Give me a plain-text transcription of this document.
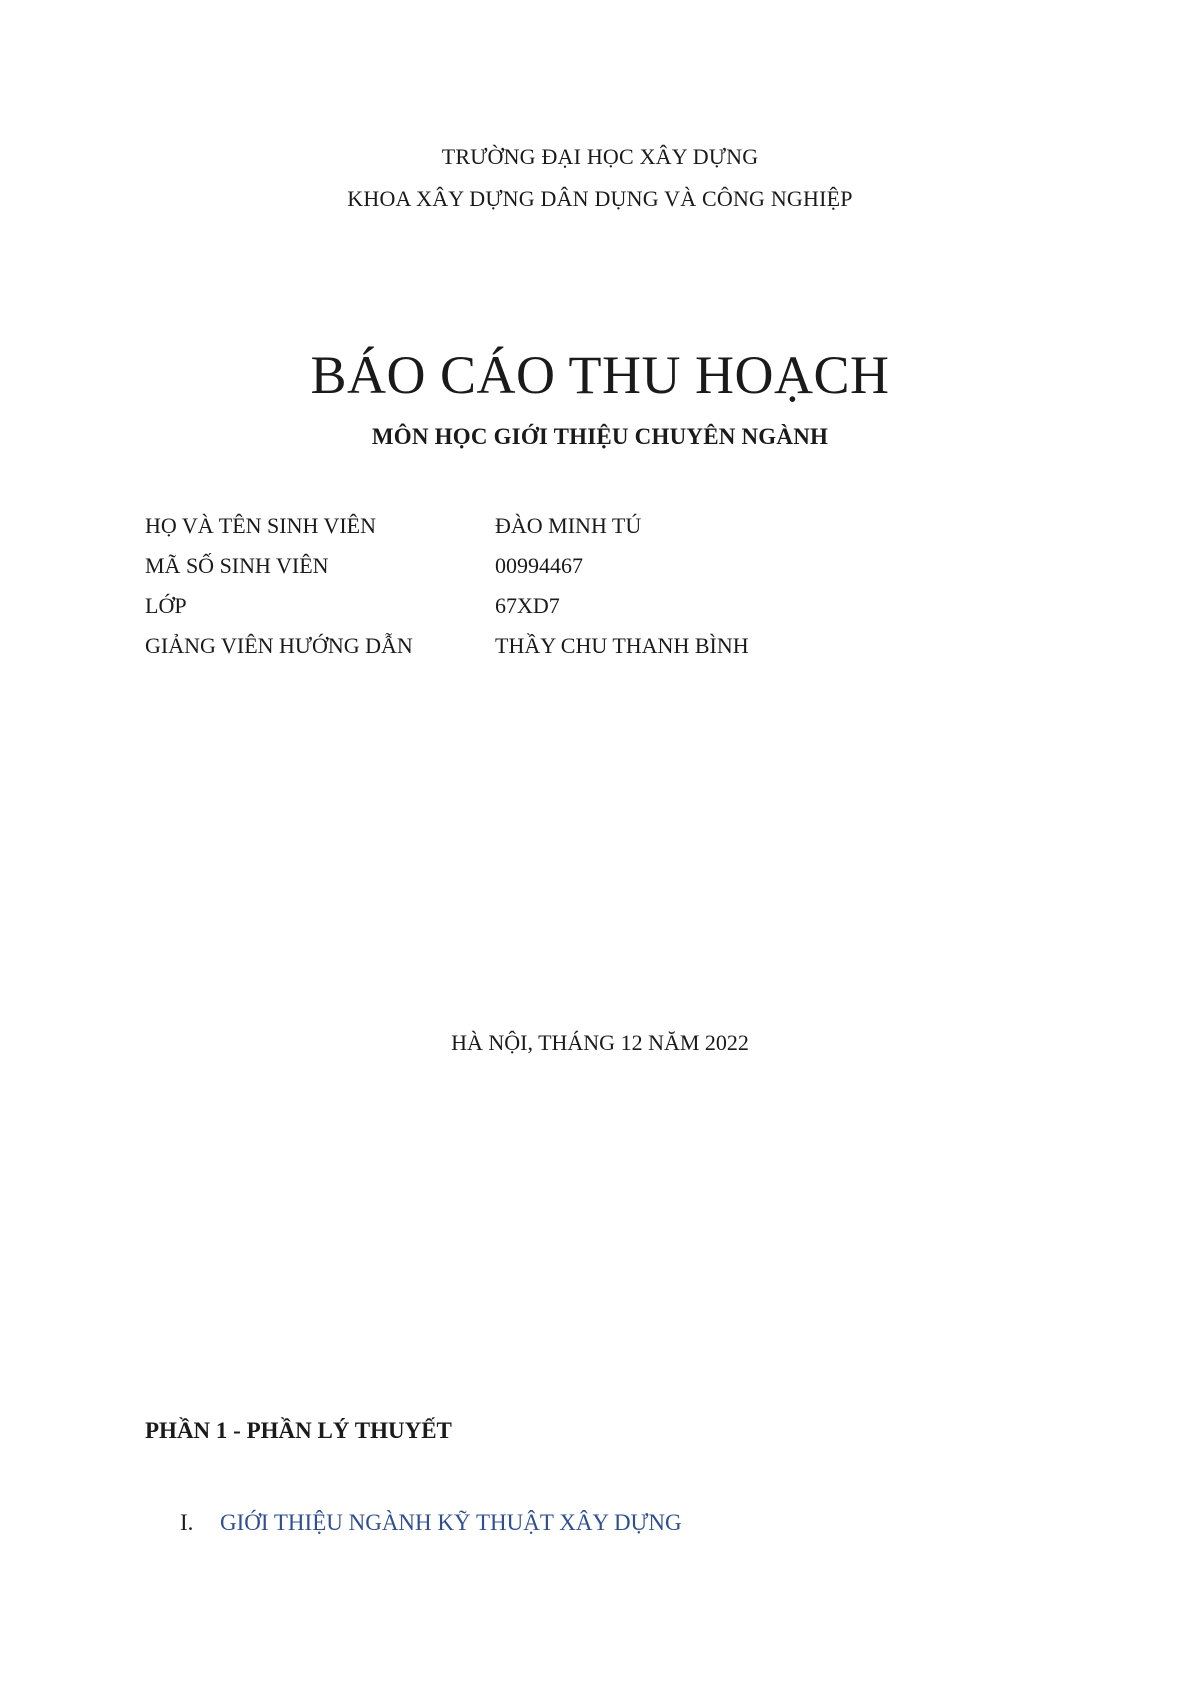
TRƯỜNG ĐẠI HỌC XÂY DỰNG
KHOA XÂY DỰNG DÂN DỤNG VÀ CÔNG NGHIỆP
BÁO CÁO THU HOẠCH
MÔN HỌC GIỚI THIỆU CHUYÊN NGÀNH
HỌ VÀ TÊN SINH VIÊN	ĐÀO MINH TÚ
MÃ SỐ SINH VIÊN	00994467
LỚP	67XD7
GIẢNG VIÊN HƯỚNG DẪN	THẦY CHU THANH BÌNH
HÀ NỘI, THÁNG 12 NĂM 2022
PHẦN 1 - PHẦN LÝ THUYẾT
I.	GIỚI THIỆU NGÀNH KỸ THUẬT XÂY DỰNG
